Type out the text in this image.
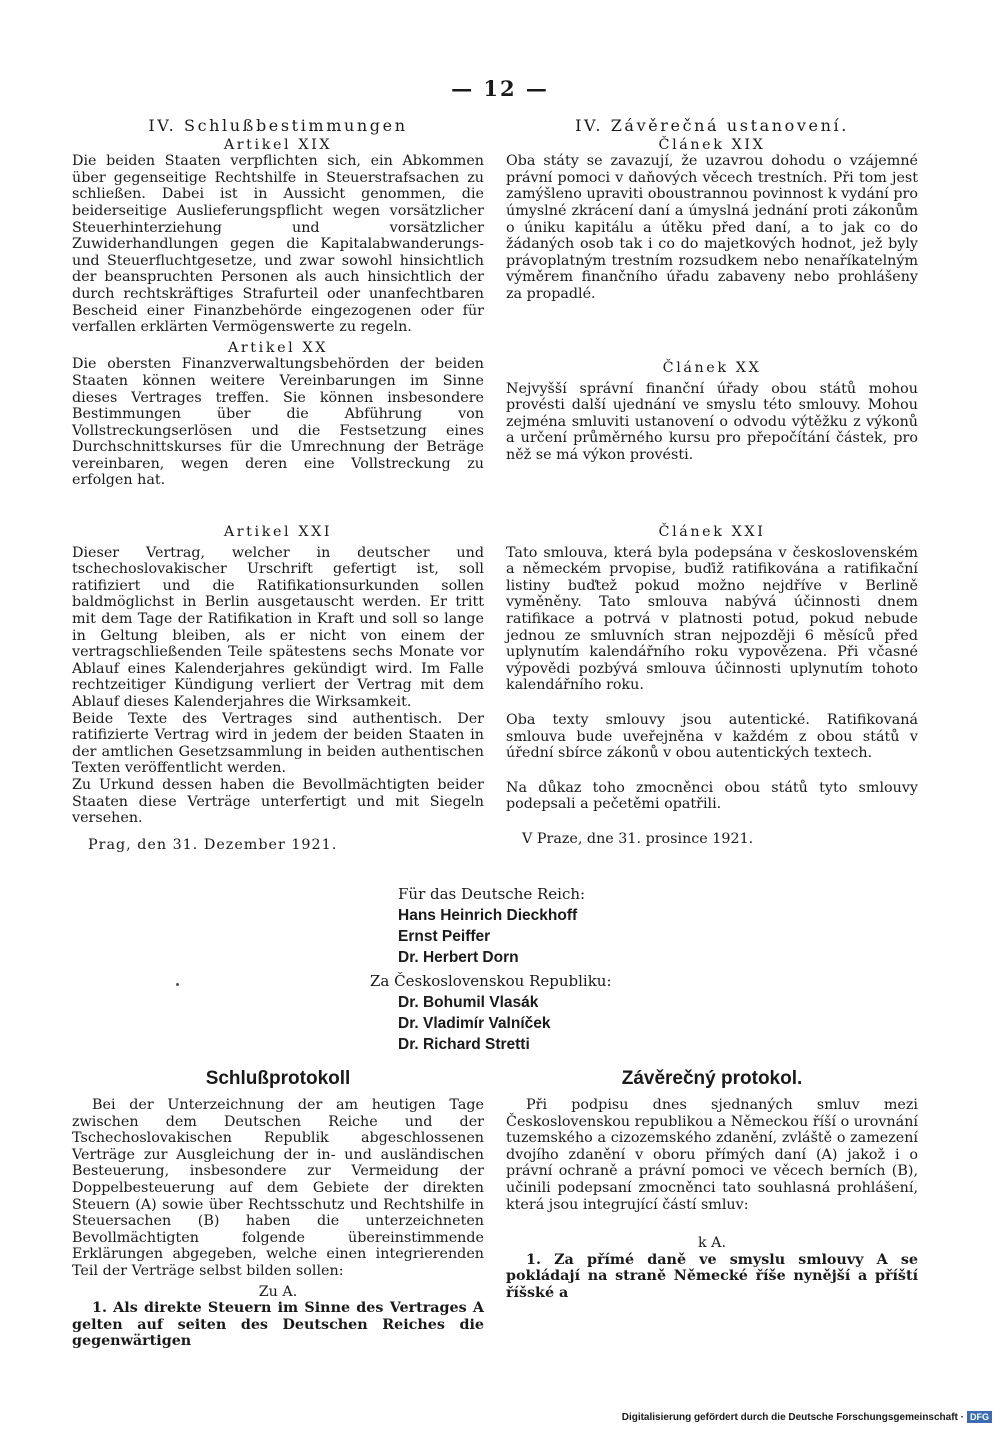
— 12 —

IV. Schlußbestimmungen

Artikel XIX

Die beiden Staaten verpflichten sich, ein Abkommen über gegenseitige Rechtshilfe in Steuerstrafsachen zu schließen. Dabei ist in Aussicht genommen, die beiderseitige Auslieferungspflicht wegen vorsätzlicher Steuerhinterziehung und vorsätzlicher Zuwiderhandlungen gegen die Kapitalabwanderungs- und Steuerfluchtgesetze, und zwar sowohl hinsichtlich der beanspruchten Personen als auch hinsichtlich der durch rechtskräftiges Strafurteil oder unanfechtbaren Bescheid einer Finanzbehörde eingezogenen oder für verfallen erklärten Vermögenswerte zu regeln.

Artikel XX

Die obersten Finanzverwaltungsbehörden der beiden Staaten können weitere Vereinbarungen im Sinne dieses Vertrages treffen. Sie können insbesondere Bestimmungen über die Abführung von Vollstreckungserlösen und die Festsetzung eines Durchschnittskurses für die Umrechnung der Beträge vereinbaren, wegen deren eine Vollstreckung zu erfolgen hat.

Artikel XXI

Dieser Vertrag, welcher in deutscher und tschechoslovakischer Urschrift gefertigt ist, soll ratifiziert und die Ratifikationsurkunden sollen baldmöglichst in Berlin ausgetauscht werden. Er tritt mit dem Tage der Ratifikation in Kraft und soll so lange in Geltung bleiben, als er nicht von einem der vertragschließenden Teile spätestens sechs Monate vor Ablauf eines Kalenderjahres gekündigt wird. Im Falle rechtzeitiger Kündigung verliert der Vertrag mit dem Ablauf dieses Kalenderjahres die Wirksamkeit.

Beide Texte des Vertrages sind authentisch. Der ratifizierte Vertrag wird in jedem der beiden Staaten in der amtlichen Gesetzsammlung in beiden authentischen Texten veröffentlicht werden.

Zu Urkund dessen haben die Bevollmächtigten beider Staaten diese Verträge unterfertigt und mit Siegeln versehen.

Prag, den 31. Dezember 1921.

IV. Závěrečná ustanovení.

Článek XIX

Oba státy se zavazují, že uzavrou dohodu o vzájemné právní pomoci v daňových věcech trestních. Při tom jest zamýšleno upraviti oboustrannou povinnost k vydání pro úmyslné zkrácení daní a úmyslná jednání proti zákonům o úniku kapitálu a útěku před daní, a to jak co do žádaných osob tak i co do majetkových hodnot, jež byly právoplatným trestním rozsudkem nebo nenaříkatelným výměrem finančního úřadu zabaveny nebo prohlášeny za propadlé.

Článek XX

Nejvyšší správní finanční úřady obou států mohou provésti další ujednání ve smyslu této smlouvy. Mohou zejména smluviti ustanovení o odvodu výtěžku z výkonů a určení průměrného kursu pro přepočítání částek, pro něž se má výkon provésti.

Článek XXI

Tato smlouva, která byla podepsána v československém a německém prvopise, buďiž ratifikována a ratifikační listiny buďtež pokud možno nejdříve v Berlině vyměněny. Tato smlouva nabývá účinnosti dnem ratifikace a potrvá v platnosti potud, pokud nebude jednou ze smluvních stran nejpozději 6 měsíců před uplynutím kalendářního roku vypovězena. Při včasné výpovědi pozbývá smlouva účinnosti uplynutím tohoto kalendářního roku.

Oba texty smlouvy jsou autentické. Ratifikovaná smlouva bude uveřejněna v každém z obou států v úřední sbírce zákonů v obou autentických textech.

Na důkaz toho zmocněnci obou států tyto smlouvy podepsali a pečetěmi opatřili.

V Praze, dne 31. prosince 1921.

Für das Deutsche Reich:
Hans Heinrich Dieckhoff
Ernst Peiffer
Dr. Herbert Dorn
Za Československou Republiku:
Dr. Bohumil Vlasák
Dr. Vladimír Valníček
Dr. Richard Stretti
Schlußprotokoll	Závěrečný protokol.

Bei der Unterzeichnung der am heutigen Tage zwischen dem Deutschen Reiche und der Tschechoslovakischen Republik abgeschlossenen Verträge zur Ausgleichung der in- und ausländischen Besteuerung, insbesondere zur Vermeidung der Doppelbesteuerung auf dem Gebiete der direkten Steuern (A) sowie über Rechtsschutz und Rechtshilfe in Steuersachen (B) haben die unterzeichneten Bevollmächtigten folgende übereinstimmende Erklärungen abgegeben, welche einen integrierenden Teil der Verträge selbst bilden sollen:

Zu A.

1. Als direkte Steuern im Sinne des Vertrages A gelten auf seiten des Deutschen Reiches die gegenwärtigen

Při podpisu dnes sjednaných smluv mezi Československou republikou a Německou říší o urovnání tuzemského a cizozemského zdanění, zvláště o zamezení dvojího zdanění v oboru přímých daní (A) jakož i o právní ochraně a právní pomoci ve věcech berních (B), učinili podepsaní zmocněnci tato souhlasná prohlášení, která jsou integrující částí smluv:

k A.

1. Za přímé daně ve smyslu smlouvy A se pokládají na straně Německé říše nynější a příští říšské a

Digitalisierung gefördert durch die Deutsche Forschungsgemeinschaft · DFG
